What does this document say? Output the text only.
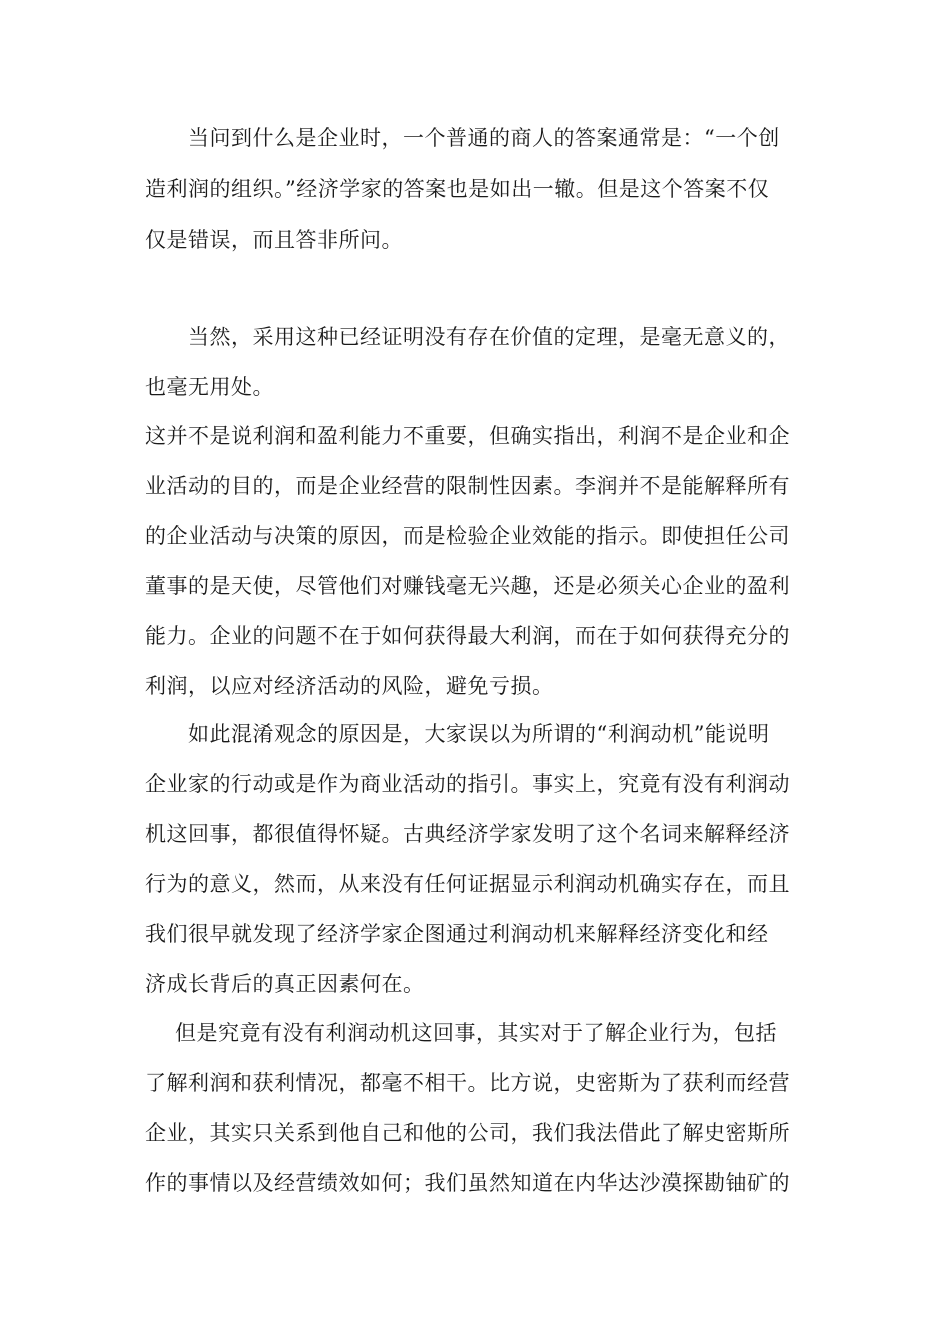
当问到什么是企业时，一个普通的商人的答案通常是：“一个创
造利润的组织。”经济学家的答案也是如出一辙。但是这个答案不仅
仅是错误，而且答非所问。
当然，采用这种已经证明没有存在价值的定理，是毫无意义的，
也毫无用处。
这并不是说利润和盈利能力不重要，但确实指出，利润不是企业和企
业活动的目的，而是企业经营的限制性因素。李润并不是能解释所有
的企业活动与决策的原因，而是检验企业效能的指示。即使担任公司
董事的是天使，尽管他们对赚钱毫无兴趣，还是必须关心企业的盈利
能力。企业的问题不在于如何获得最大利润，而在于如何获得充分的
利润，以应对经济活动的风险，避免亏损。
如此混淆观念的原因是，大家误以为所谓的“利润动机”能说明
企业家的行动或是作为商业活动的指引。事实上，究竟有没有利润动
机这回事，都很值得怀疑。古典经济学家发明了这个名词来解释经济
行为的意义，然而，从来没有任何证据显示利润动机确实存在，而且
我们很早就发现了经济学家企图通过利润动机来解释经济变化和经
济成长背后的真正因素何在。
但是究竟有没有利润动机这回事，其实对于了解企业行为，包括
了解利润和获利情况，都毫不相干。比方说，史密斯为了获利而经营
企业，其实只关系到他自己和他的公司，我们我法借此了解史密斯所
作的事情以及经营绩效如何；我们虽然知道在内华达沙漠探勘铀矿的
